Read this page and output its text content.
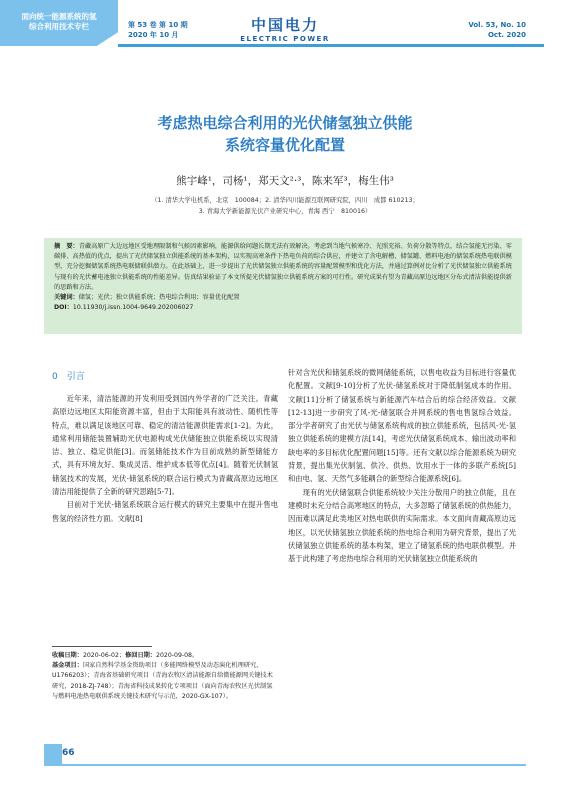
面向统一能源系统的氢
综合利用技术专栏	第 53 卷 第 10 期
2020 年 10 月
中国电力
ELECTRIC POWER
Vol. 53, No. 10
Oct. 2020
考虑热电综合利用的光伏储氢独立供能
系统容量优化配置
熊宇峰¹，司杨¹，郑天文²·³，陈来军³，梅生伟³
（1. 清华大学电机系，北京　100084；2. 清华四川能源互联网研究院，四川　成都 610213；
3. 青海大学新能源光伏产业研究中心，青海 西宁　810016）

摘　要：青藏高原广大边远地区受地理限制和气候因素影响，能源供给问题长期无法有效解决。考虑到当地气候寒冷、光照充裕、负荷分散等特点，结合氢能无污染、零碳排、高热值的优点，提出了光伏储氢独立供能系统的基本架构，以实现高寒条件下热电负荷的综合供应，并建立了含电解槽、储氢罐、燃料电池的储氢系统热电联供模型，充分挖掘储氢系统热电联储联供潜力。在此基础上，进一步提出了光伏储氢独立供能系统的容量配置模型和优化方法，并通过算例对比分析了光伏储氢独立供能系统与现有的光伏蓄电池独立供能系统的性能差异。仿真结果验证了本文所提光伏储氢独立供能系统方案的可行性。研究成果有望为青藏高原边远地区分布式清洁供能提供新的思路和方法。

关键词：储氢；光伏；独立供能系统；热电综合利用；容量优化配置

DOI：10.11930/j.issn.1004-9649.202006027

0　引言

近年来，清洁能源的开发利用受到国内外学者的广泛关注。青藏高原边远地区太阳能资源丰富，但由于太阳能具有波动性、随机性等特点，难以满足该地区可靠、稳定的清洁能源供能需求[1-2]。为此，通常利用储能装置辅助光伏电源构成光伏储能独立供能系统以实现清洁、独立、稳定供能[3]。而氢储能技术作为目前成熟的新型储能方式，具有环境友好、集成灵活、维护成本低等优点[4]。随着光伏制氢储氢技术的发展，光伏-储氢系统的联合运行模式为青藏高原边远地区清洁用能提供了全新的研究思路[5-7]。

目前对于光伏-储氢系统联合运行模式的研究主要集中在提升售电售氢的经济性方面。文献[8]

针对含光伏和储氢系统的微网储能系统，以售电收益为目标进行容量优化配置。文献[9-10]分析了光伏-储氢系统对于降低制氢成本的作用。文献[11]分析了储氢系统与新能源汽车结合后的综合经济效益。文献[12-13]进一步研究了风-光-储氢联合并网系统的售电售氢综合效益。部分学者研究了由光伏与储氢系统构成的独立供能系统，包括风-光-氢独立供能系统的建模方法[14]，考虑光伏储氢系统成本、输出波动率和缺电率的多目标优化配置问题[15]等。还有文献以综合能源系统为研究背景，提出集光伏制氢、供冷、供热、饮用水于一体的多联产系统[5]和由电、氢、天然气多能耦合的新型综合能源系统[6]。

现有的光伏储氢联合供能系统较少关注分散用户的独立供能，且在建模时未充分结合高寒地区的特点，大多忽略了储氢系统的供热能力，因而难以满足此类地区对热电联供的实际需求。本文面向青藏高原边远地区，以光伏储氢独立供能系统的热电综合利用为研究背景，提出了光伏储氢独立供能系统的基本构架，建立了储氢系统的热电联供模型。并基于此构建了考虑热电综合利用的光伏储氢独立供能系统的

收稿日期：2020-06-02；修回日期：2020-09-08。

基金项目：国家自然科学基金资助项目（多能网络模型及动态演化机理研究，U1766203）；青海省基础研究项目（青海农牧区清洁能源自给微能源网关键技术研究，2018-ZJ-748）；青海省科技成果转化专项项目（面向青海农牧区光伏制氢与燃料电池热电联供系统关键技术研究与示范，2020-GX-107）。

66
